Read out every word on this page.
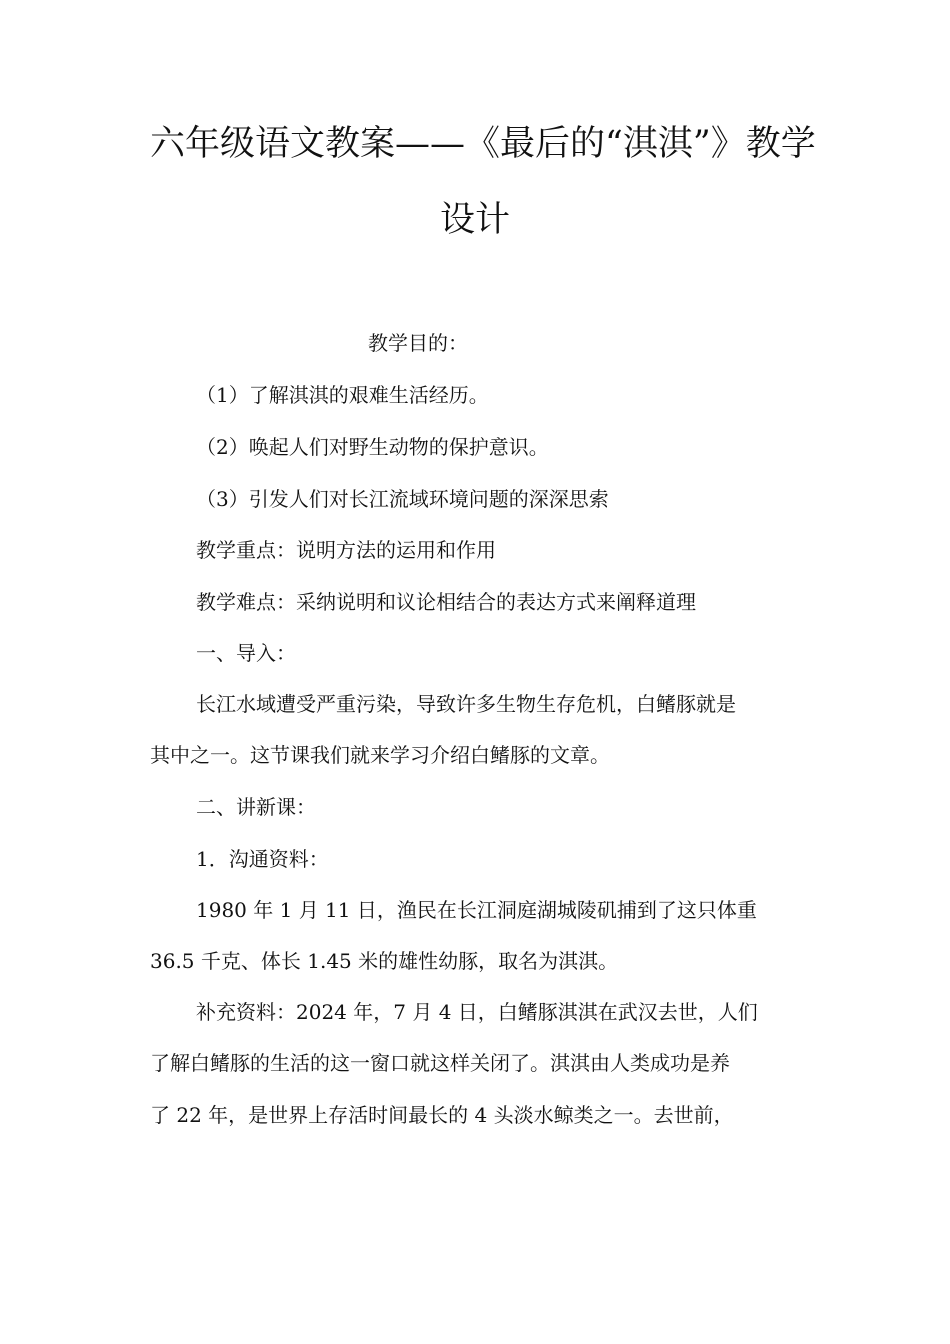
六年级语文教案——《最后的“淇淇”》教学
设计
教学目的：
（1）了解淇淇的艰难生活经历。
（2）唤起人们对野生动物的保护意识。
（3）引发人们对长江流域环境问题的深深思索
教学重点：说明方法的运用和作用
教学难点：采纳说明和议论相结合的表达方式来阐释道理
一、导入：
长江水域遭受严重污染，导致许多生物生存危机，白鳍豚就是
其中之一。这节课我们就来学习介绍白鳍豚的文章。
二、讲新课：
1．沟通资料：
1980 年 1 月 11 日，渔民在长江洞庭湖城陵矶捕到了这只体重
36.5 千克、体长 1.45 米的雄性幼豚，取名为淇淇。
补充资料：2024 年，7 月 4 日，白鳍豚淇淇在武汉去世，人们
了解白鳍豚的生活的这一窗口就这样关闭了。淇淇由人类成功是养
了 22 年，是世界上存活时间最长的 4 头淡水鲸类之一。去世前，
